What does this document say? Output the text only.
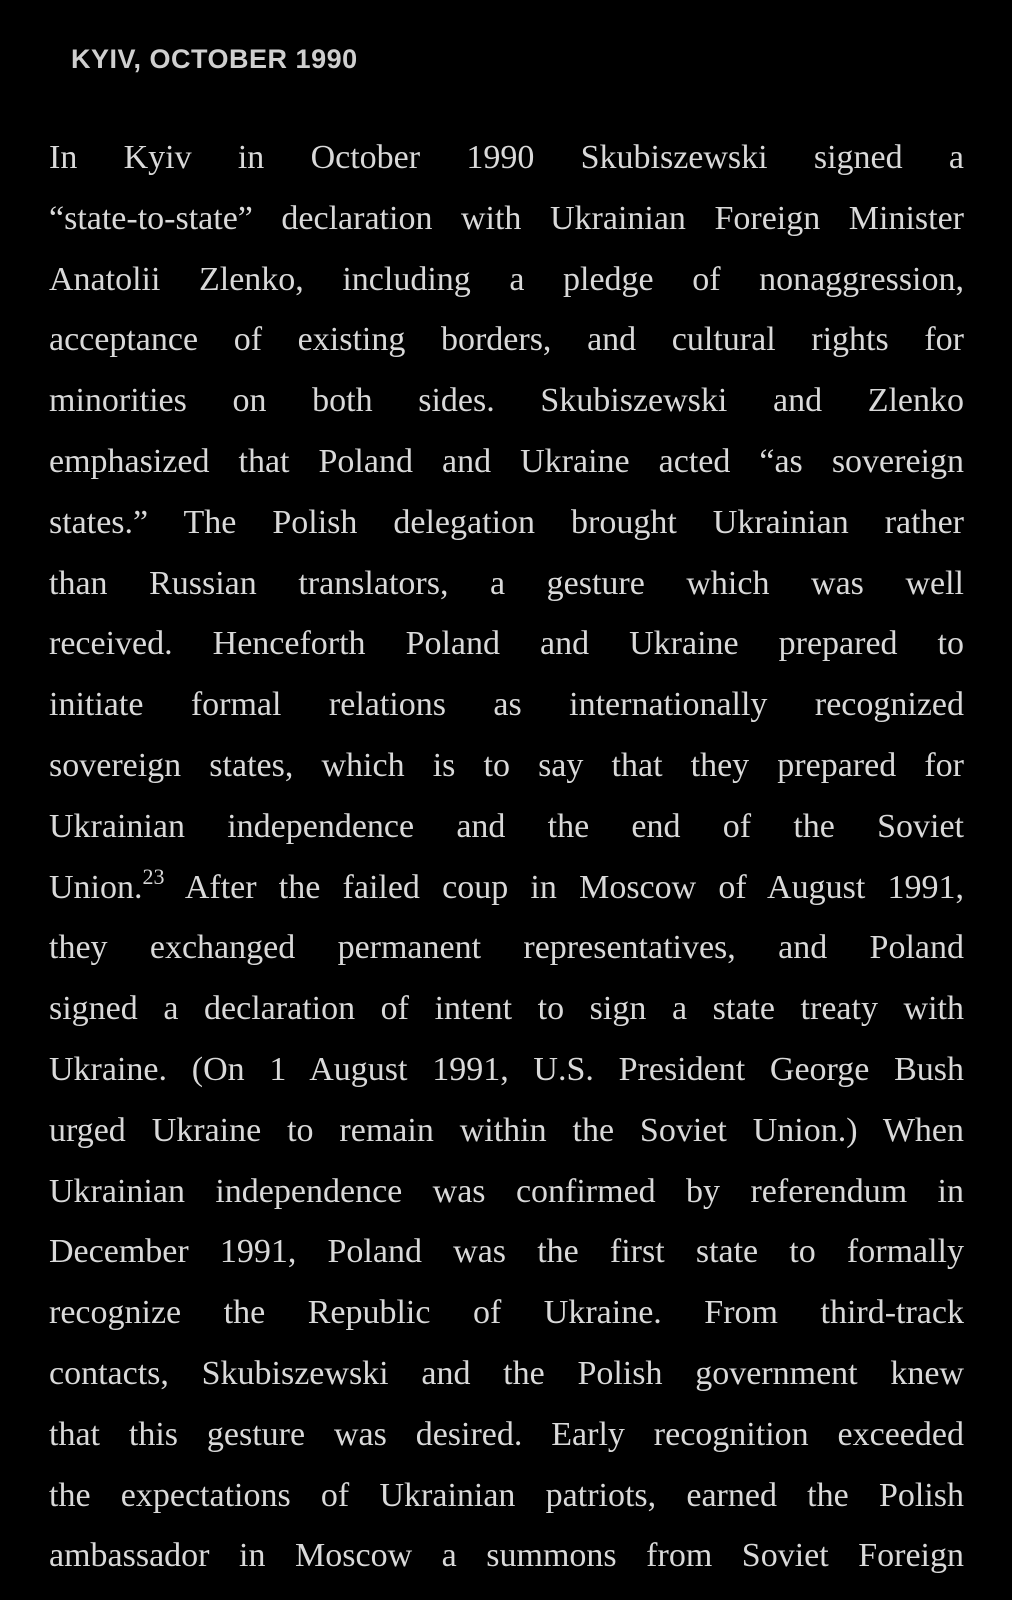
KYIV, OCTOBER 1990
In Kyiv in October 1990 Skubiszewski signed a
“state-to-state” declaration with Ukrainian Foreign Minister
Anatolii Zlenko, including a pledge of nonaggression,
acceptance of existing borders, and cultural rights for
minorities on both sides. Skubiszewski and Zlenko
emphasized that Poland and Ukraine acted “as sovereign
states.” The Polish delegation brought Ukrainian rather
than Russian translators, a gesture which was well
received. Henceforth Poland and Ukraine prepared to
initiate formal relations as internationally recognized
sovereign states, which is to say that they prepared for
Ukrainian independence and the end of the Soviet
Union.$^{23}$ After the failed coup in Moscow of August 1991,
they exchanged permanent representatives, and Poland
signed a declaration of intent to sign a state treaty with
Ukraine. (On 1 August 1991, U.S. President George Bush
urged Ukraine to remain within the Soviet Union.) When
Ukrainian independence was confirmed by referendum in
December 1991, Poland was the first state to formally
recognize the Republic of Ukraine. From third-track
contacts, Skubiszewski and the Polish government knew
that this gesture was desired. Early recognition exceeded
the expectations of Ukrainian patriots, earned the Polish
ambassador in Moscow a summons from Soviet Foreign
